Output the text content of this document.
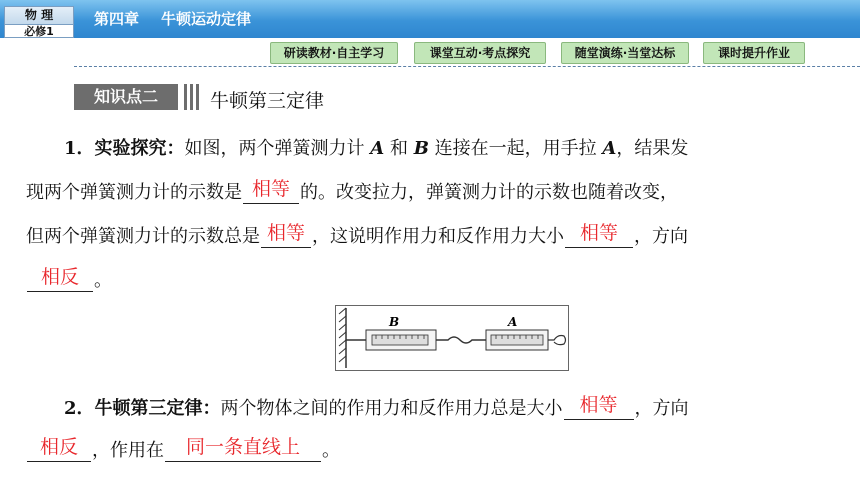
物 理
必修1
第四章 牛顿运动定律
研读教材·自主学习	课堂互动·考点探究	随堂演练·当堂达标	课时提升作业
知识点二	牛顿第三定律
1．实验探究：如图，两个弹簧测力计 A 和 B 连接在一起，用手拉 A，结果发
现两个弹簧测力计的示数是 相等 的。改变拉力，弹簧测力计的示数也随着改变，
但两个弹簧测力计的示数总是 相等 ，这说明作用力和反作用力大小 相等 ，方向
相反 。
B	A
2．牛顿第三定律：两个物体之间的作用力和反作用力总是大小 相等 ，方向
相反 ，作用在	同一条直线上	。
